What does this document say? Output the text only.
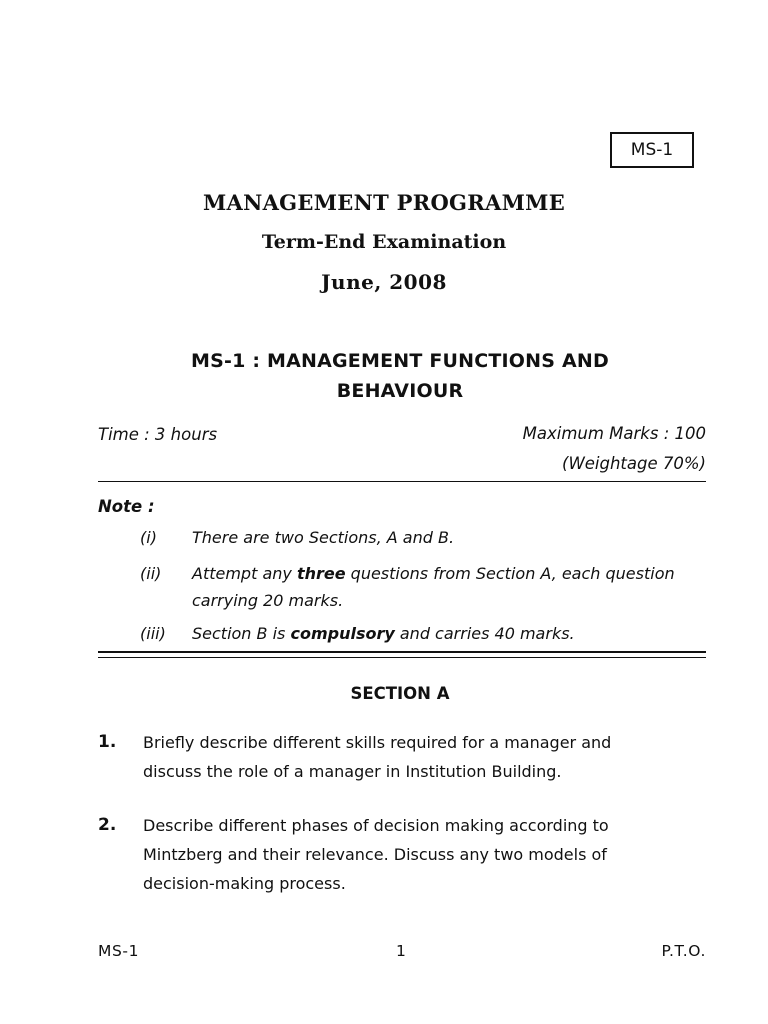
MS-1
MANAGEMENT PROGRAMME
Term-End Examination
June, 2008
MS-1 : MANAGEMENT FUNCTIONS AND
BEHAVIOUR
Time : 3 hours	Maximum Marks : 100
(Weightage 70%)
Note :
(i)	There are two Sections, A and B.
(ii)	Attempt any three questions from Section A, each question carrying 20 marks.
(iii)	Section B is compulsory and carries 40 marks.
SECTION A
1.	Briefly describe different skills required for a manager and discuss the role of a manager in Institution Building.
2.	Describe different phases of decision making according to Mintzberg and their relevance. Discuss any two models of decision-making process.
MS-1	1	P.T.O.
